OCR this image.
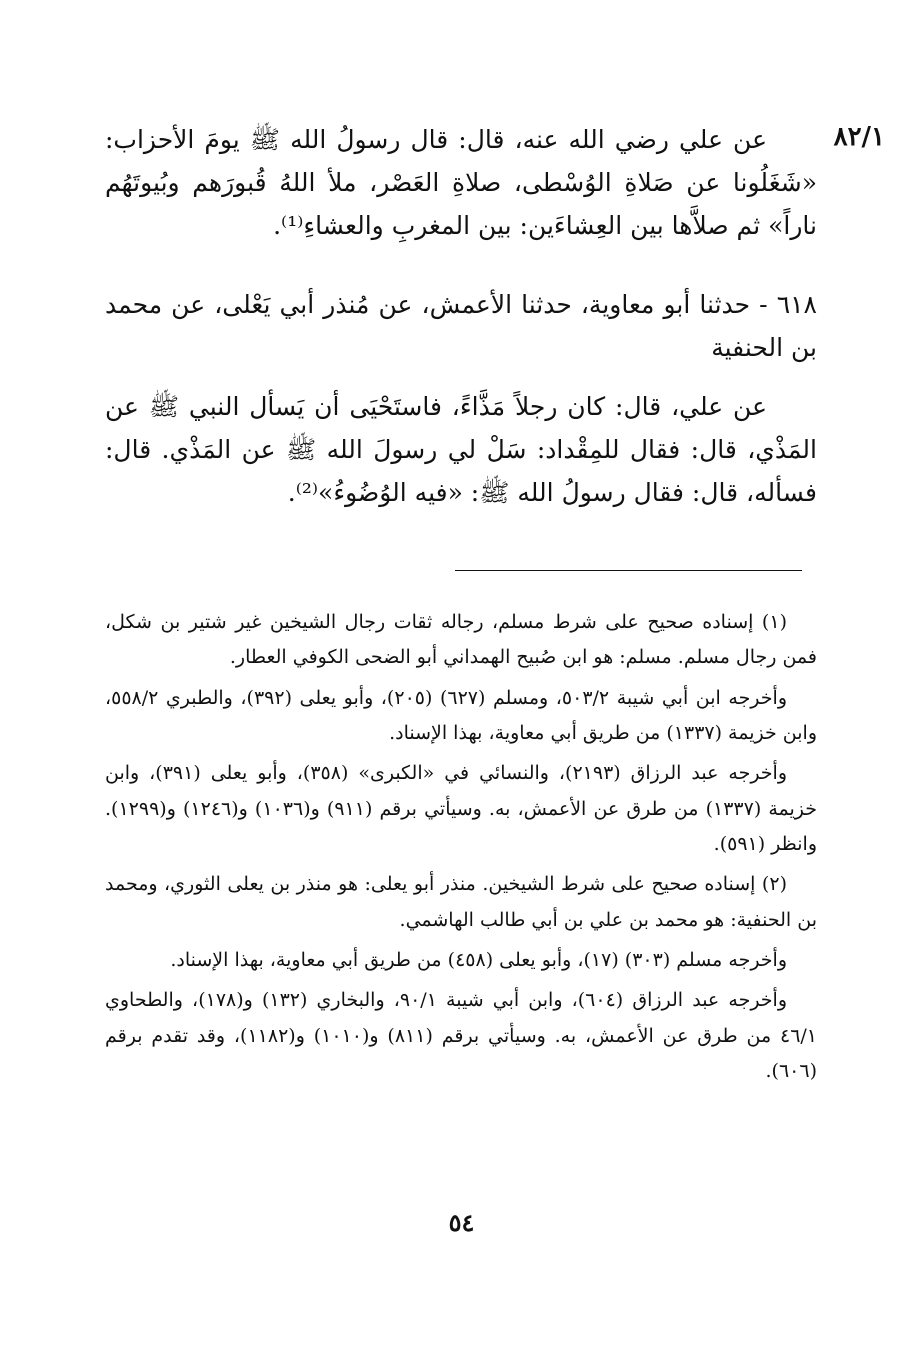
٨٢/١

عن علي رضي الله عنه، قال: قال رسولُ الله ﷺ يومَ الأحزاب: «شَغَلُونا عن صَلاةِ الوُسْطى، صلاةِ العَصْر، ملأ اللهُ قُبورَهم وبُيوتَهُم ناراً» ثم صلاَّها بين العِشاءَين: بين المغربِ والعشاءِ⁽¹⁾.

٦١٨ - حدثنا أبو معاوية، حدثنا الأعمش، عن مُنذر أبي يَعْلى، عن محمد بن الحنفية

عن علي، قال: كان رجلاً مَذَّاءً، فاستَحْيَى أن يَسأل النبي ﷺ عن المَذْي، قال: فقال للمِقْداد: سَلْ لي رسولَ الله ﷺ عن المَذْي. قال: فسأله، قال: فقال رسولُ الله ﷺ: «فيه الوُضُوءُ»⁽²⁾.

(١) إسناده صحيح على شرط مسلم، رجاله ثقات رجال الشيخين غير شتير بن شكل، فمن رجال مسلم. مسلم: هو ابن صُبيح الهمداني أبو الضحى الكوفي العطار.

وأخرجه ابن أبي شيبة ٥٠٣/٢، ومسلم (٦٢٧) (٢٠٥)، وأبو يعلى (٣٩٢)، والطبري ٥٥٨/٢، وابن خزيمة (١٣٣٧) من طريق أبي معاوية، بهذا الإسناد.

وأخرجه عبد الرزاق (٢١٩٣)، والنسائي في «الكبرى» (٣٥٨)، وأبو يعلى (٣٩١)، وابن خزيمة (١٣٣٧) من طرق عن الأعمش، به. وسيأتي برقم (٩١١) و(١٠٣٦) و(١٢٤٦) و(١٢٩٩). وانظر (٥٩١).

(٢) إسناده صحيح على شرط الشيخين. منذر أبو يعلى: هو منذر بن يعلى الثوري، ومحمد بن الحنفية: هو محمد بن علي بن أبي طالب الهاشمي.

وأخرجه مسلم (٣٠٣) (١٧)، وأبو يعلى (٤٥٨) من طريق أبي معاوية، بهذا الإسناد.

وأخرجه عبد الرزاق (٦٠٤)، وابن أبي شيبة ٩٠/١، والبخاري (١٣٢) و(١٧٨)، والطحاوي ٤٦/١ من طرق عن الأعمش، به. وسيأتي برقم (٨١١) و(١٠١٠) و(١١٨٢)، وقد تقدم برقم (٦٠٦).

٥٤
